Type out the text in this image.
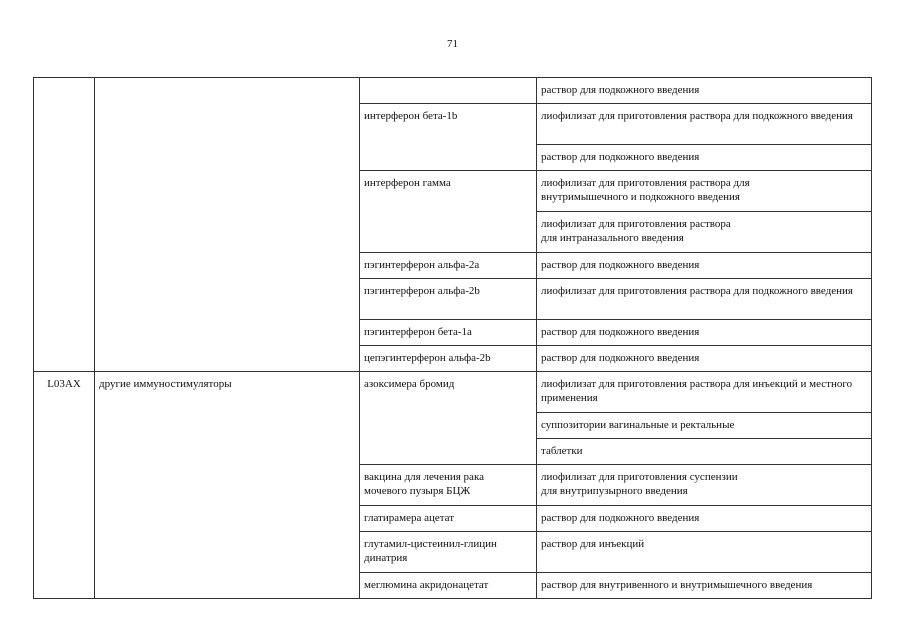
71
			раствор для подкожного введения
		интерферон бета-1b	лиофилизат для приготовления раствора для подкожного введения
			раствор для подкожного введения
		интерферон гамма	лиофилизат для приготовления раствора для
внутримышечного и подкожного введения
			лиофилизат для приготовления раствора
для интраназального введения
		пэгинтерферон альфа-2a	раствор для подкожного введения
		пэгинтерферон альфа-2b	лиофилизат для приготовления раствора для подкожного введения
		пэгинтерферон бета-1a	раствор для подкожного введения
		цепэгинтерферон альфа-2b	раствор для подкожного введения
L03AX	другие иммуностимуляторы	азоксимера бромид	лиофилизат для приготовления раствора для инъекций и местного применения
			суппозитории вагинальные и ректальные
			таблетки
		вакцина для лечения рака
мочевого пузыря БЦЖ	лиофилизат для приготовления суспензии
для внутрипузырного введения
		глатирамера ацетат	раствор для подкожного введения
		глутамил-цистеинил-глицин динатрия	раствор для инъекций
		меглюмина акридонацетат	раствор для внутривенного и внутримышечного введения
